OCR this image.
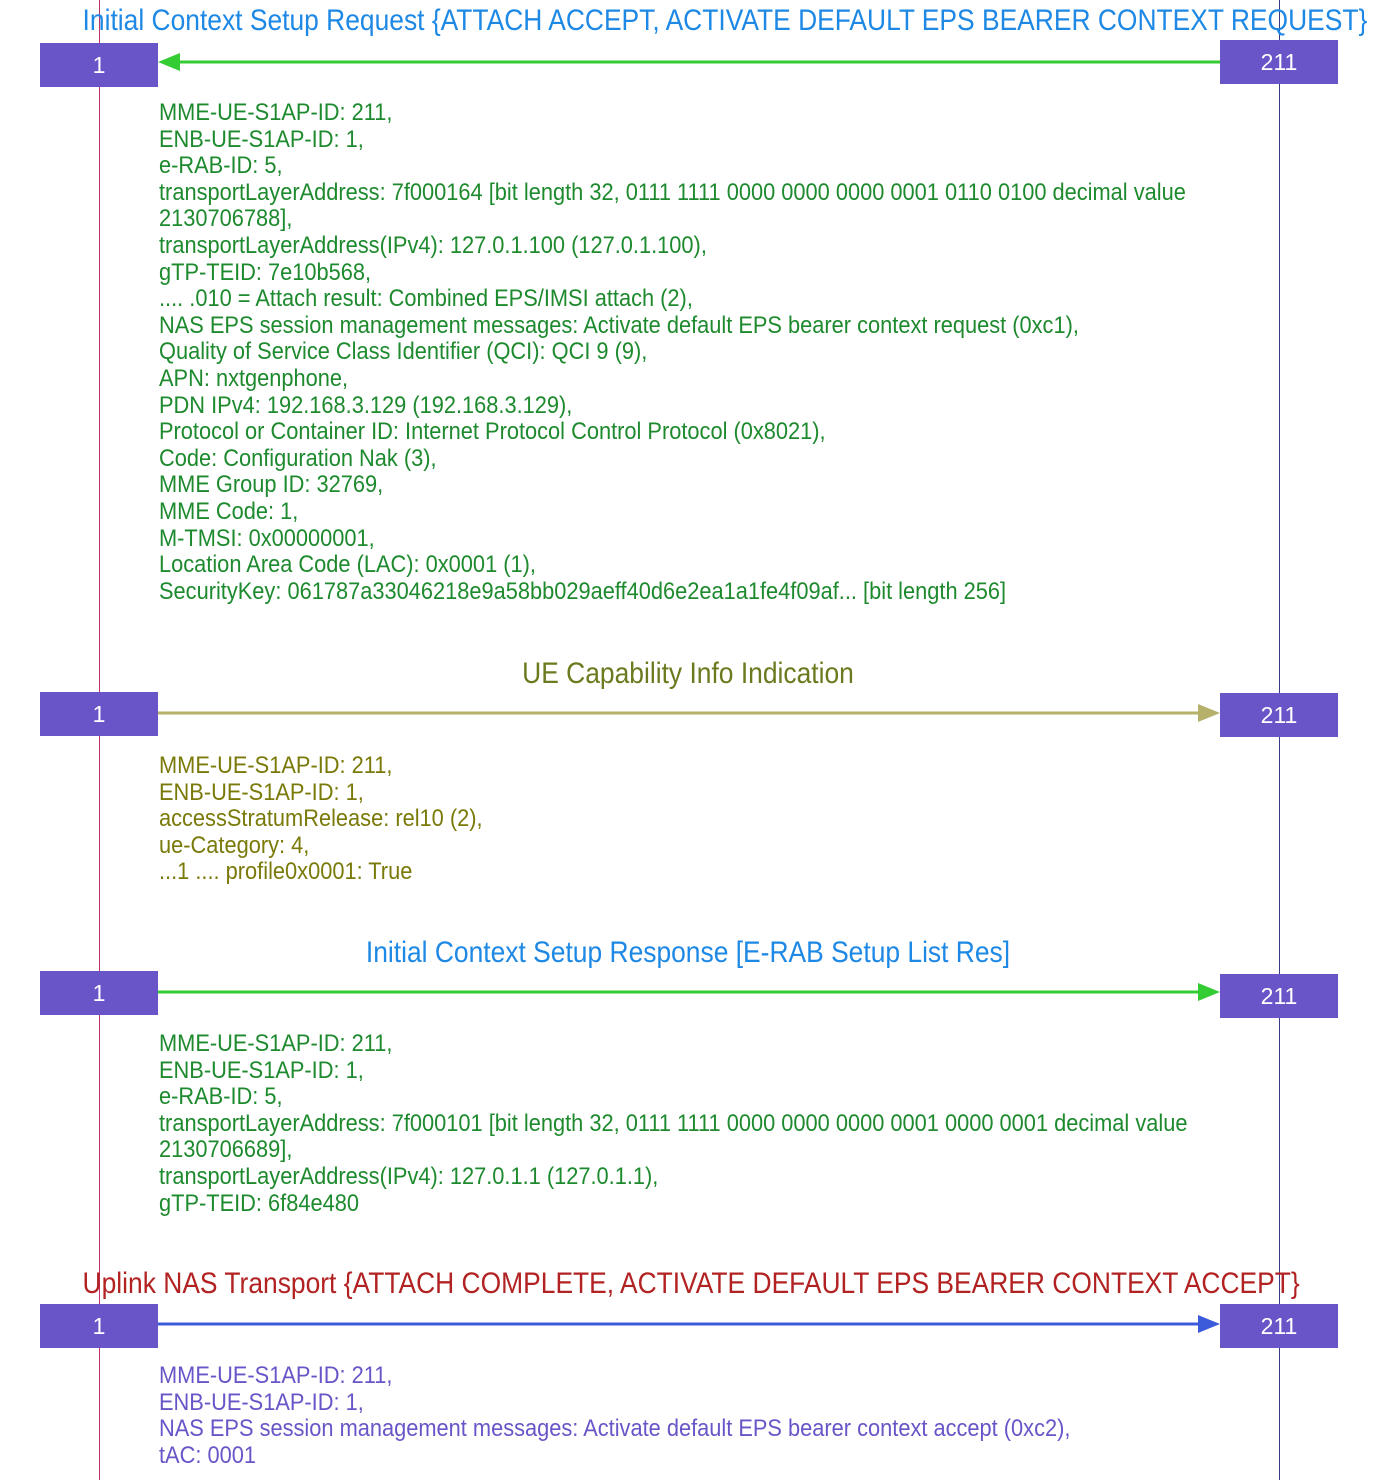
Initial Context Setup Request {ATTACH ACCEPT, ACTIVATE DEFAULT EPS BEARER CONTEXT REQUEST}
1	211
MME-UE-S1AP-ID: 211,
ENB-UE-S1AP-ID: 1,
e-RAB-ID: 5,
transportLayerAddress: 7f000164 [bit length 32, 0111 1111 0000 0000 0000 0001 0110 0100 decimal value
2130706788],
transportLayerAddress(IPv4): 127.0.1.100 (127.0.1.100),
gTP-TEID: 7e10b568,
.... .010 = Attach result: Combined EPS/IMSI attach (2),
NAS EPS session management messages: Activate default EPS bearer context request (0xc1),
Quality of Service Class Identifier (QCI): QCI 9 (9),
APN: nxtgenphone,
PDN IPv4: 192.168.3.129 (192.168.3.129),
Protocol or Container ID: Internet Protocol Control Protocol (0x8021),
Code: Configuration Nak (3),
MME Group ID: 32769,
MME Code: 1,
M-TMSI: 0x00000001,
Location Area Code (LAC): 0x0001 (1),
SecurityKey: 061787a33046218e9a58bb029aeff40d6e2ea1a1fe4f09af... [bit length 256]
UE Capability Info Indication
1	211
MME-UE-S1AP-ID: 211,
ENB-UE-S1AP-ID: 1,
accessStratumRelease: rel10 (2),
ue-Category: 4,
...1 .... profile0x0001: True
Initial Context Setup Response [E-RAB Setup List Res]
1	211
MME-UE-S1AP-ID: 211,
ENB-UE-S1AP-ID: 1,
e-RAB-ID: 5,
transportLayerAddress: 7f000101 [bit length 32, 0111 1111 0000 0000 0000 0001 0000 0001 decimal value
2130706689],
transportLayerAddress(IPv4): 127.0.1.1 (127.0.1.1),
gTP-TEID: 6f84e480
Uplink NAS Transport {ATTACH COMPLETE, ACTIVATE DEFAULT EPS BEARER CONTEXT ACCEPT}
1	211
MME-UE-S1AP-ID: 211,
ENB-UE-S1AP-ID: 1,
NAS EPS session management messages: Activate default EPS bearer context accept (0xc2),
tAC: 0001
